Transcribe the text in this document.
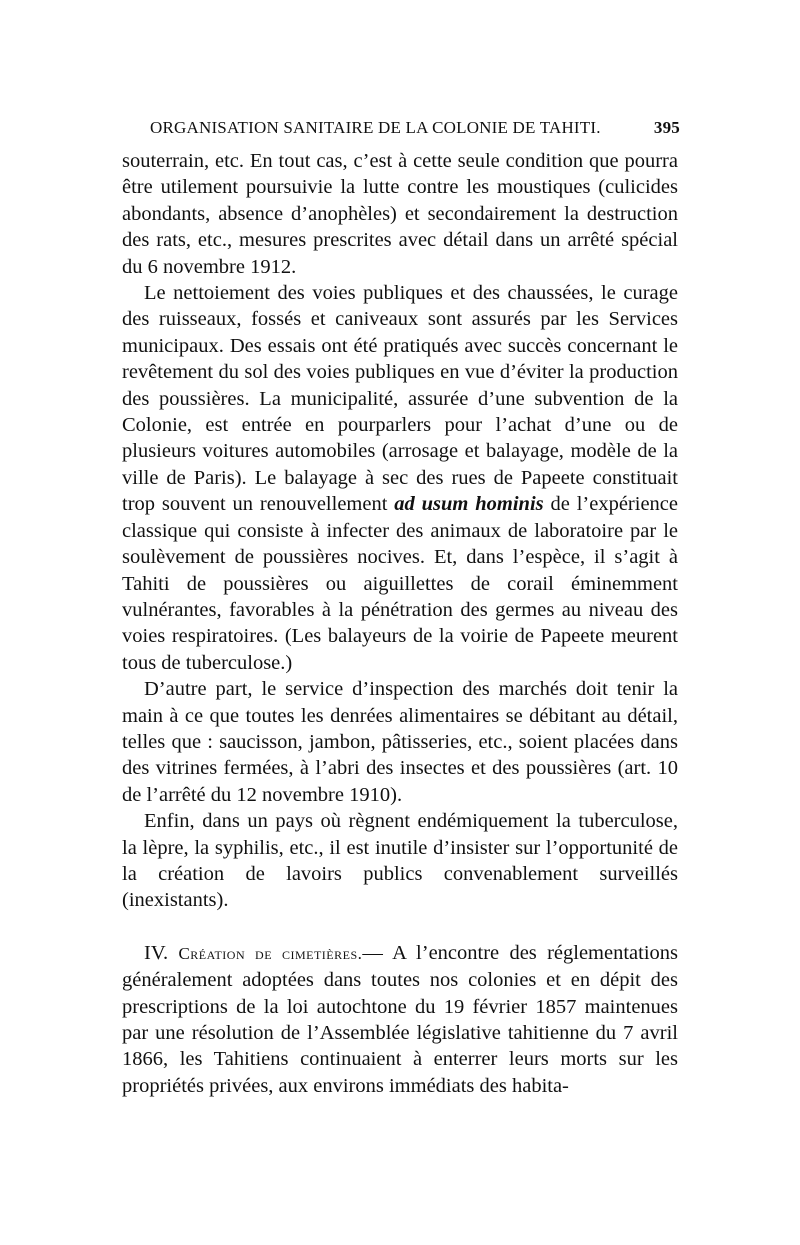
ORGANISATION SANITAIRE DE LA COLONIE DE TAHITI.	395

souterrain, etc. En tout cas, c’est à cette seule condition que pourra être utilement poursuivie la lutte contre les moustiques (culicides abondants, absence d’anophèles) et secondairement la destruction des rats, etc., mesures prescrites avec détail dans un arrêté spécial du 6 novembre 1912.

Le nettoiement des voies publiques et des chaussées, le curage des ruisseaux, fossés et caniveaux sont assurés par les Services municipaux. Des essais ont été pratiqués avec succès concernant le revêtement du sol des voies publiques en vue d’éviter la production des poussières. La municipalité, assurée d’une subvention de la Colonie, est entrée en pourparlers pour l’achat d’une ou de plusieurs voitures automobiles (arrosage et balayage, modèle de la ville de Paris). Le balayage à sec des rues de Papeete constituait trop souvent un renouvellement ad usum hominis de l’expérience classique qui consiste à infecter des animaux de laboratoire par le soulèvement de poussières nocives. Et, dans l’espèce, il s’agit à Tahiti de poussières ou aiguillettes de corail éminemment vulnérantes, favorables à la pénétration des germes au niveau des voies respiratoires. (Les balayeurs de la voirie de Papeete meurent tous de tuberculose.)

D’autre part, le service d’inspection des marchés doit tenir la main à ce que toutes les denrées alimentaires se débitant au détail, telles que : saucisson, jambon, pâtisseries, etc., soient placées dans des vitrines fermées, à l’abri des insectes et des poussières (art. 10 de l’arrêté du 12 novembre 1910).

Enfin, dans un pays où règnent endémiquement la tuberculose, la lèpre, la syphilis, etc., il est inutile d’insister sur l’opportunité de la création de lavoirs publics convenablement surveillés (inexistants).

IV. Création de cimetières.— A l’encontre des réglementations généralement adoptées dans toutes nos colonies et en dépit des prescriptions de la loi autochtone du 19 février 1857 maintenues par une résolution de l’Assemblée législative tahitienne du 7 avril 1866, les Tahitiens continuaient à enterrer leurs morts sur les propriétés privées, aux environs immédiats des habita-
